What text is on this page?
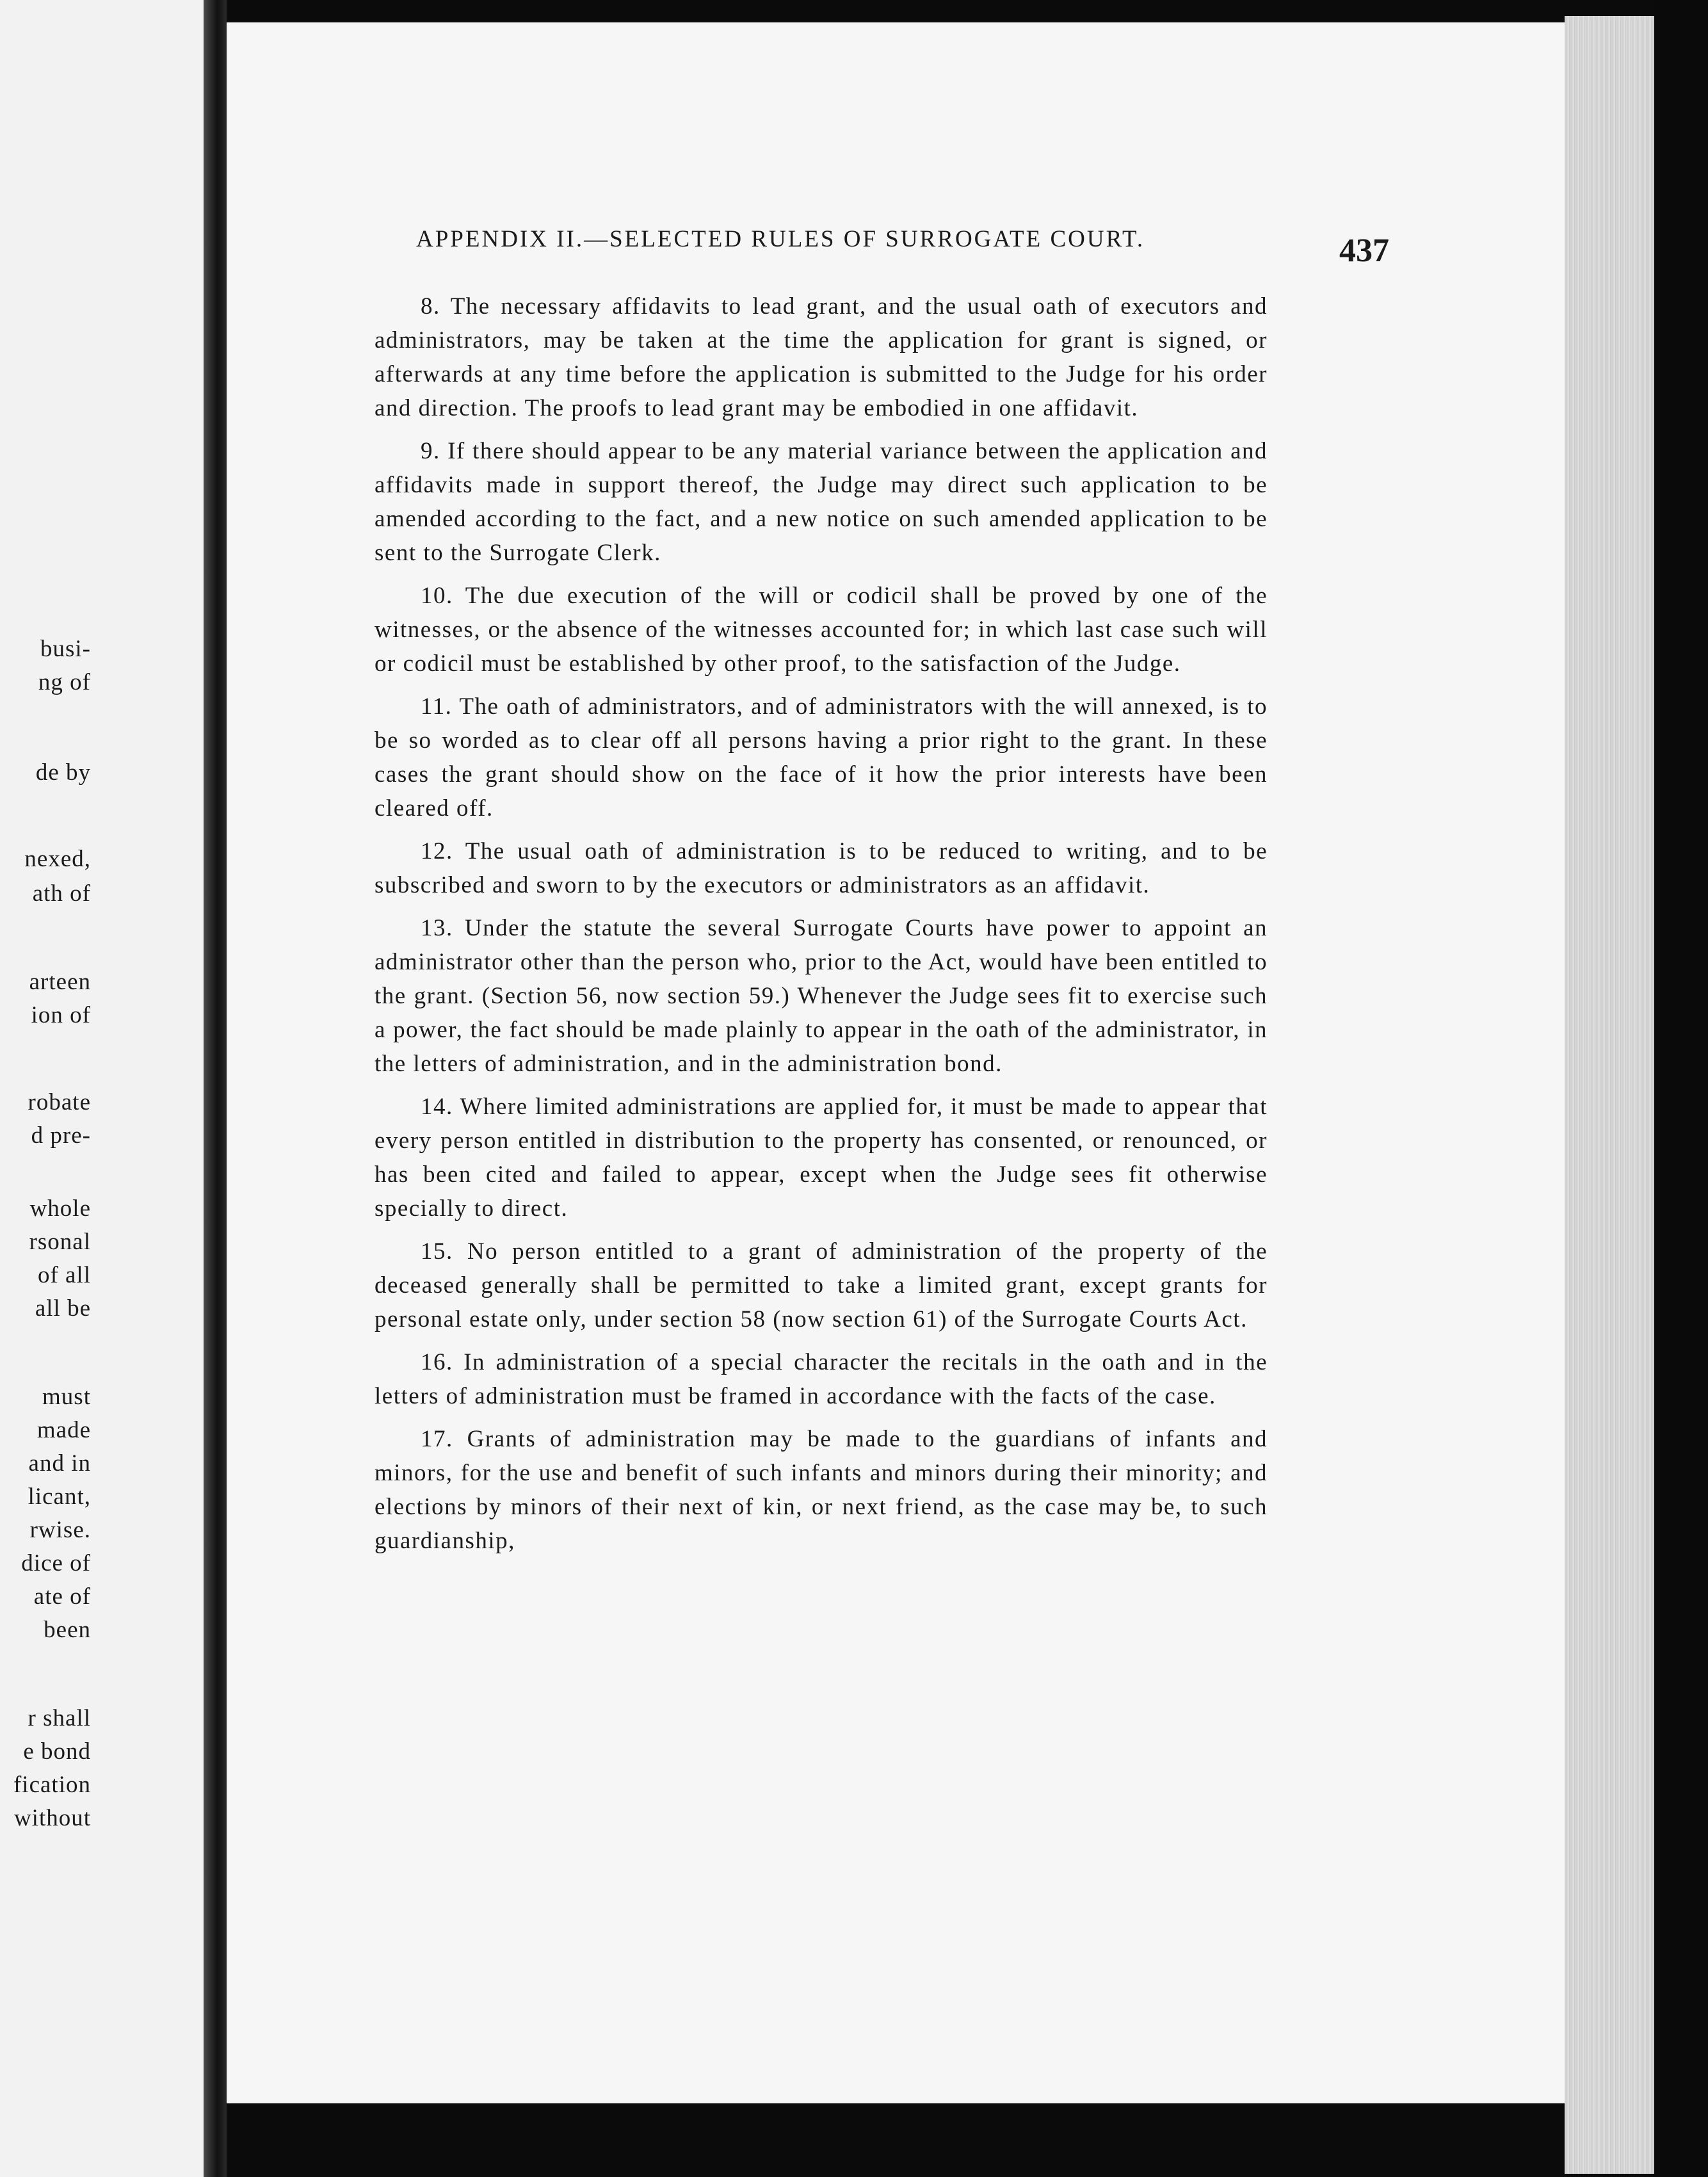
busi-
ng of
de by
nexed,
ath of
arteen
ion of
robate
d pre-
whole
rsonal
of all
all be
must
made
and in
licant,
rwise.
dice of
ate of
been
r shall
e bond
fication
without
APPENDIX II.—SELECTED RULES OF SURROGATE COURT.	437

8. The necessary affidavits to lead grant, and the usual oath of executors and administrators, may be taken at the time the application for grant is signed, or afterwards at any time before the application is submitted to the Judge for his order and direction. The proofs to lead grant may be embodied in one affidavit.

9. If there should appear to be any material variance between the application and affidavits made in support thereof, the Judge may direct such application to be amended according to the fact, and a new notice on such amended application to be sent to the Surrogate Clerk.

10. The due execution of the will or codicil shall be proved by one of the witnesses, or the absence of the witnesses accounted for; in which last case such will or codicil must be established by other proof, to the satisfaction of the Judge.

11. The oath of administrators, and of administrators with the will annexed, is to be so worded as to clear off all persons having a prior right to the grant. In these cases the grant should show on the face of it how the prior interests have been cleared off.

12. The usual oath of administration is to be reduced to writing, and to be subscribed and sworn to by the executors or administrators as an affidavit.

13. Under the statute the several Surrogate Courts have power to appoint an administrator other than the person who, prior to the Act, would have been entitled to the grant. (Section 56, now section 59.) Whenever the Judge sees fit to exercise such a power, the fact should be made plainly to appear in the oath of the administrator, in the letters of administration, and in the administration bond.

14. Where limited administrations are applied for, it must be made to appear that every person entitled in distribution to the property has consented, or renounced, or has been cited and failed to appear, except when the Judge sees fit otherwise specially to direct.

15. No person entitled to a grant of administration of the property of the deceased generally shall be permitted to take a limited grant, except grants for personal estate only, under section 58 (now section 61) of the Surrogate Courts Act.

16. In administration of a special character the recitals in the oath and in the letters of administration must be framed in accordance with the facts of the case.

17. Grants of administration may be made to the guardians of infants and minors, for the use and benefit of such infants and minors during their minority; and elections by minors of their next of kin, or next friend, as the case may be, to such guardianship,
